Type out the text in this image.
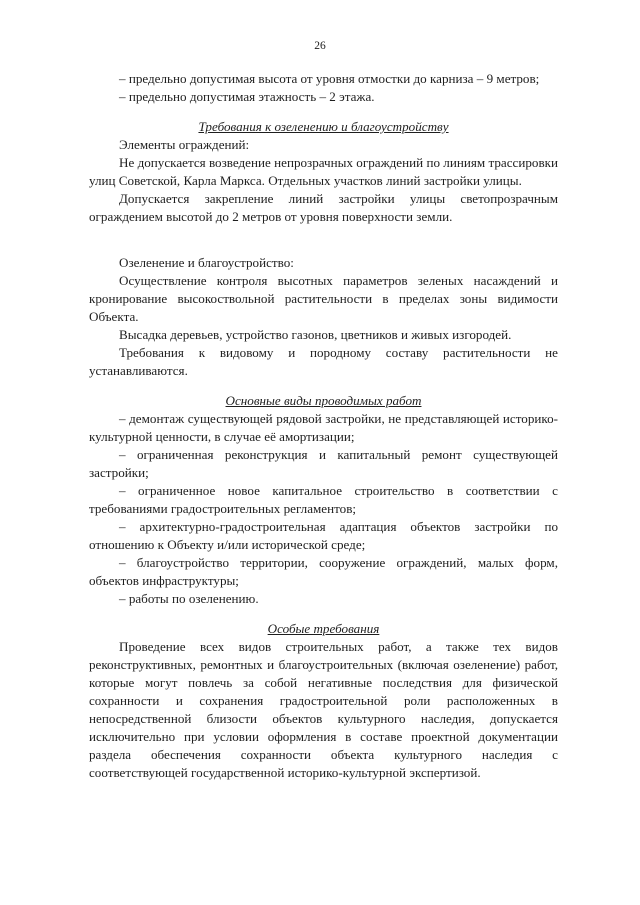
26

– предельно допустимая высота от уровня отмостки до карниза – 9 метров;

– предельно допустимая этажность – 2 этажа.

Требования к озеленению и благоустройству

Элементы ограждений:

Не допускается возведение непрозрачных ограждений по линиям трассировки улиц Советской, Карла Маркса. Отдельных участков линий застройки улицы.

Допускается закрепление линий застройки улицы светопрозрачным ограждением высотой до 2 метров от уровня поверхности земли.

Озеленение и благоустройство:

Осуществление контроля высотных параметров зеленых насаждений и кронирование высокоствольной растительности в пределах зоны видимости Объекта.

Высадка деревьев, устройство газонов, цветников и живых изгородей.

Требования к видовому и породному составу растительности не устанавливаются.

Основные виды проводимых работ

– демонтаж существующей рядовой застройки, не представляющей историко-культурной ценности, в случае её амортизации;

– ограниченная реконструкция и капитальный ремонт существующей застройки;

– ограниченное новое капитальное строительство в соответствии с требованиями градостроительных регламентов;

– архитектурно-градостроительная адаптация объектов застройки по отношению к Объекту и/или исторической среде;

– благоустройство территории, сооружение ограждений, малых форм, объектов инфраструктуры;

– работы по озеленению.

Особые требования

Проведение всех видов строительных работ, а также тех видов реконструктивных, ремонтных и благоустроительных (включая озеленение) работ, которые могут повлечь за собой негативные последствия для физической сохранности и сохранения градостроительной роли расположенных в непосредственной близости объектов культурного наследия, допускается исключительно при условии оформления в составе проектной документации раздела обеспечения сохранности объекта культурного наследия с соответствующей государственной историко-культурной экспертизой.
